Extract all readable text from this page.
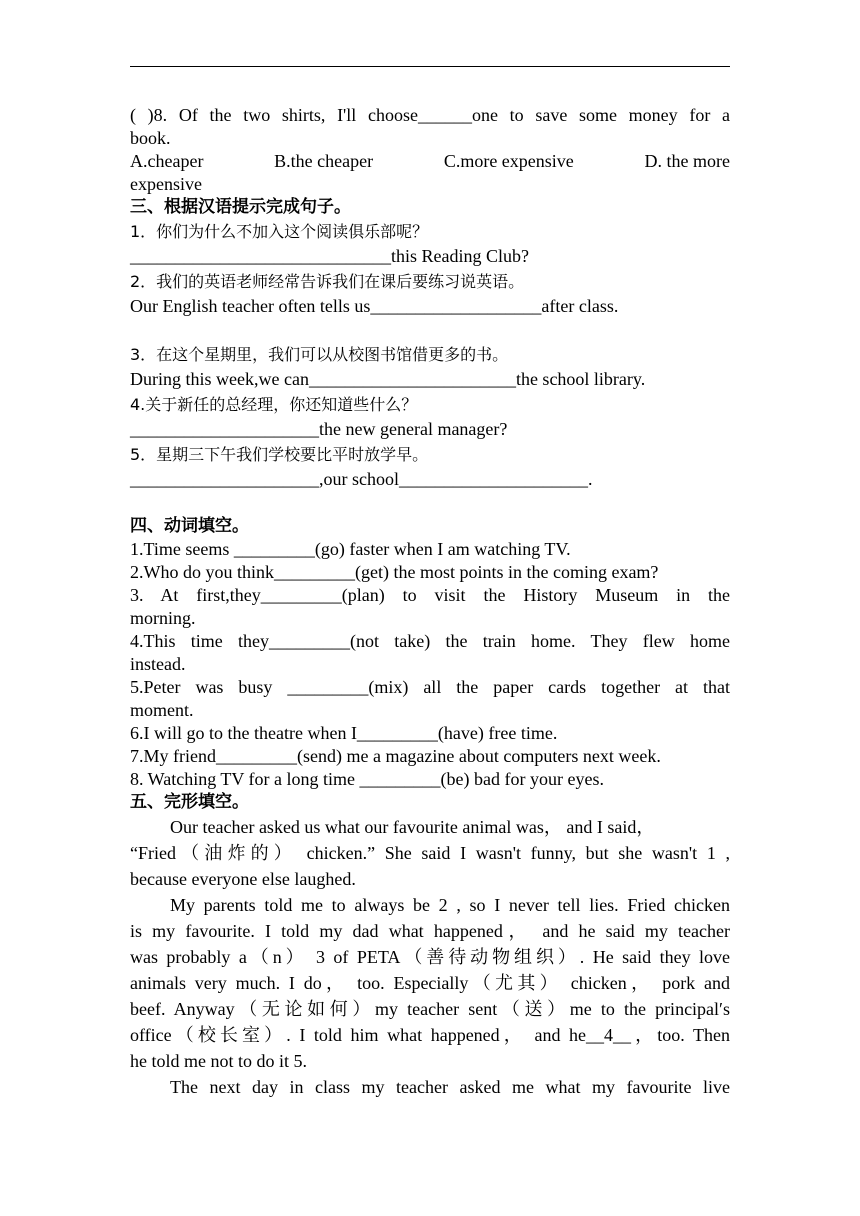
( )8. Of the two shirts, I'll choose______one to save some money for a
book.
A.cheaper	B.the cheaper	C.more expensive	D. the more
expensive
三、根据汉语提示完成句子。
1．你们为什么不加入这个阅读俱乐部呢？
_____________________________this Reading Club?
2．我们的英语老师经常告诉我们在课后要练习说英语。
Our English teacher often tells us___________________after class.
3．在这个星期里，我们可以从校图书馆借更多的书。
During this week,we can_______________________the school library.
4.关于新任的总经理，你还知道些什么？
_____________________the new general manager?
5．星期三下午我们学校要比平时放学早。
_____________________,our school_____________________.
四、动词填空。
1.Time seems _________(go) faster when I am watching TV.
2.Who do you think_________(get) the most points in the coming exam?
3. At first,they_________(plan) to visit the History Museum in the
morning.
4.This time they_________(not take) the train home. They flew home
instead.
5.Peter was busy _________(mix) all the paper cards together at that
moment.
6.I will go to the theatre when I_________(have) free time.
7.My friend_________(send) me a magazine about computers next week.
8. Watching TV for a long time _________(be) bad for your eyes.
五、完形填空。
Our teacher asked us what our favourite animal was， and I said，
“Fried（油炸的） chicken.” She said I wasn't funny, but she wasn't 1 ,
because everyone else laughed.
My parents told me to always be 2 , so I never tell lies. Fried chicken
is my favourite. I told my dad what happened， and he said my teacher
was probably a（n） 3 of PETA（善待动物组织）. He said they love
animals very much. I do， too. Especially（尤其） chicken， pork and
beef. Anyway（无论如何）my teacher sent（送）me to the principal′s
office（校长室）. I told him what happened， and he__4__，too. Then
he told me not to do it 5.
The next day in class my teacher asked me what my favourite live
